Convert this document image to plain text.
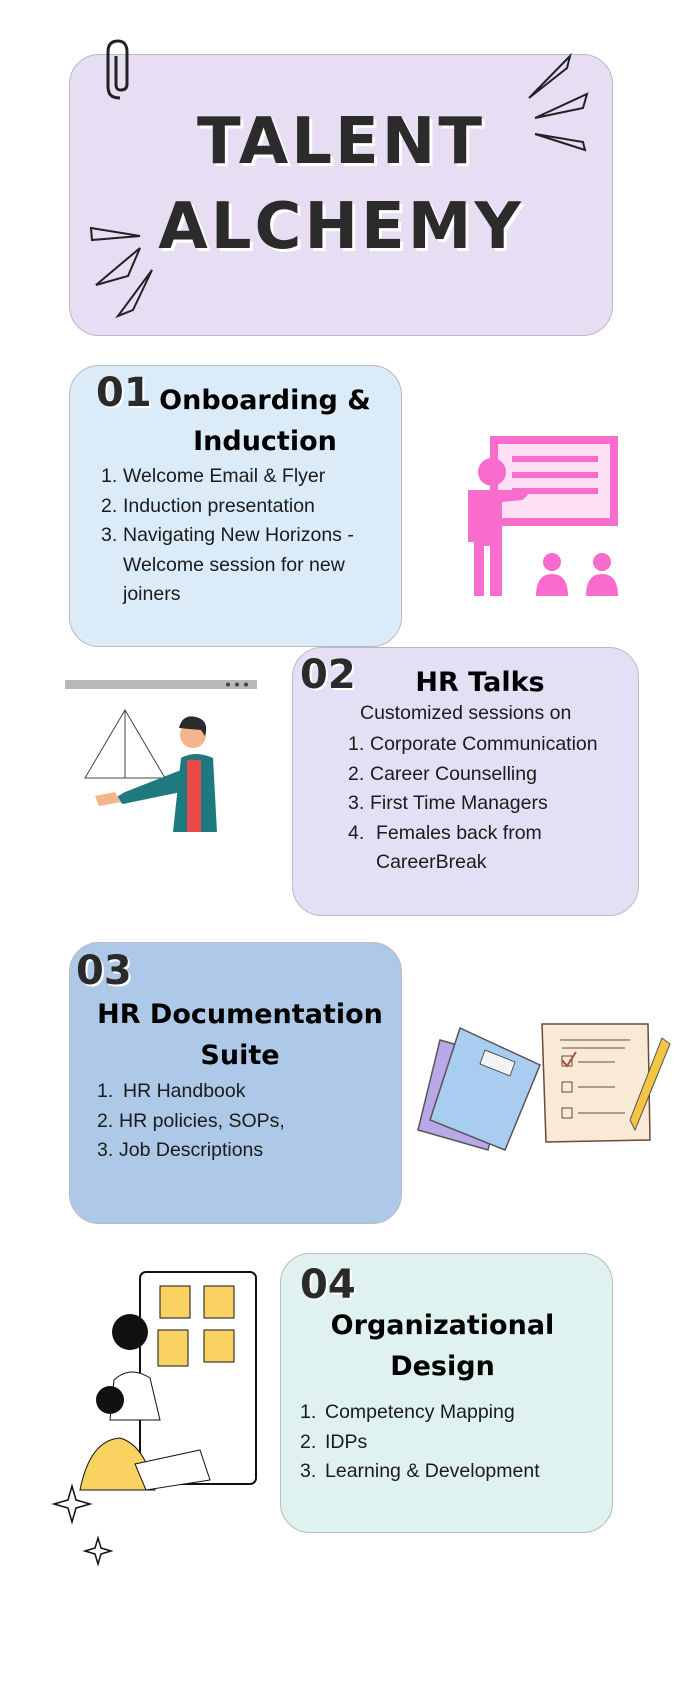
TALENT
ALCHEMY
01 Onboarding &
Induction
1. Welcome Email & Flyer
2. Induction presentation
3. Navigating New Horizons - Welcome session for new joiners
02	HR Talks
Customized sessions on
1. Corporate Communication
2. Career Counselling
3. First Time Managers
4. Females back from CareerBreak
03
HR Documentation
Suite
1. HR Handbook
2. HR policies, SOPs,
3. Job Descriptions
04
Organizational
Design
1. Competency Mapping
2. IDPs
3. Learning & Development
